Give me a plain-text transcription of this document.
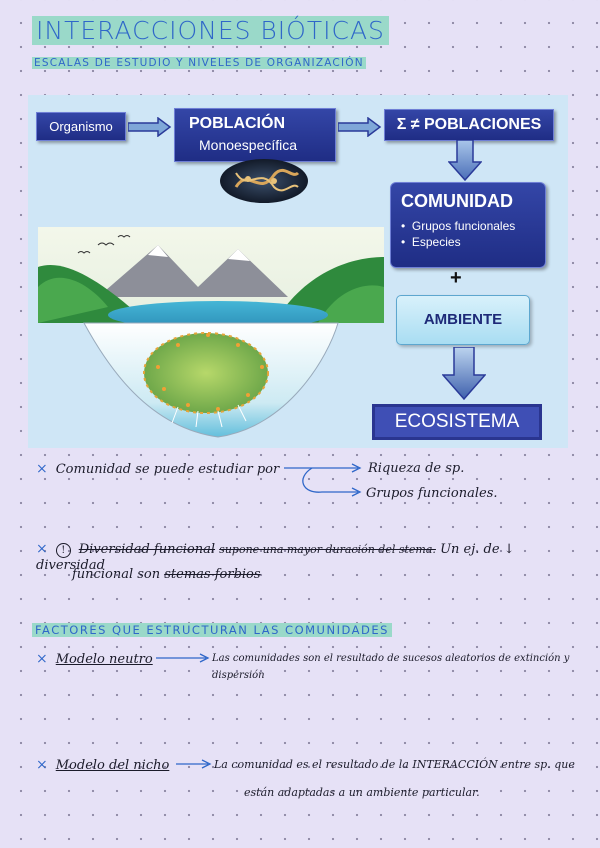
INTERACCIONES BIÓTICAS
ESCALAS DE ESTUDIO Y NIVELES DE ORGANIZACIÓN
Organismo	POBLACIÓN
Monoespecífica
Σ ≠ POBLACIONES
COMUNIDAD
•  Grupos funcionales
•  Especies
+
AMBIENTE
ECOSISTEMA
× Comunidad se puede estudiar por	Riqueza de sp.
Grupos funcionales.
× ! Diversidad funcional supone una mayor duración del stema. Un ej. de ↓ diversidad
funcional son stemas forbios
FACTORES QUE ESTRUCTURAN LAS COMUNIDADES
× Modelo neutro	Las comunidades son el resultado de sucesos aleatorios de extinción y
dispersión
× Modelo del nicho	La comunidad es el resultado de la INTERACCIÓN entre sp. que
están adaptadas a un ambiente particular.
